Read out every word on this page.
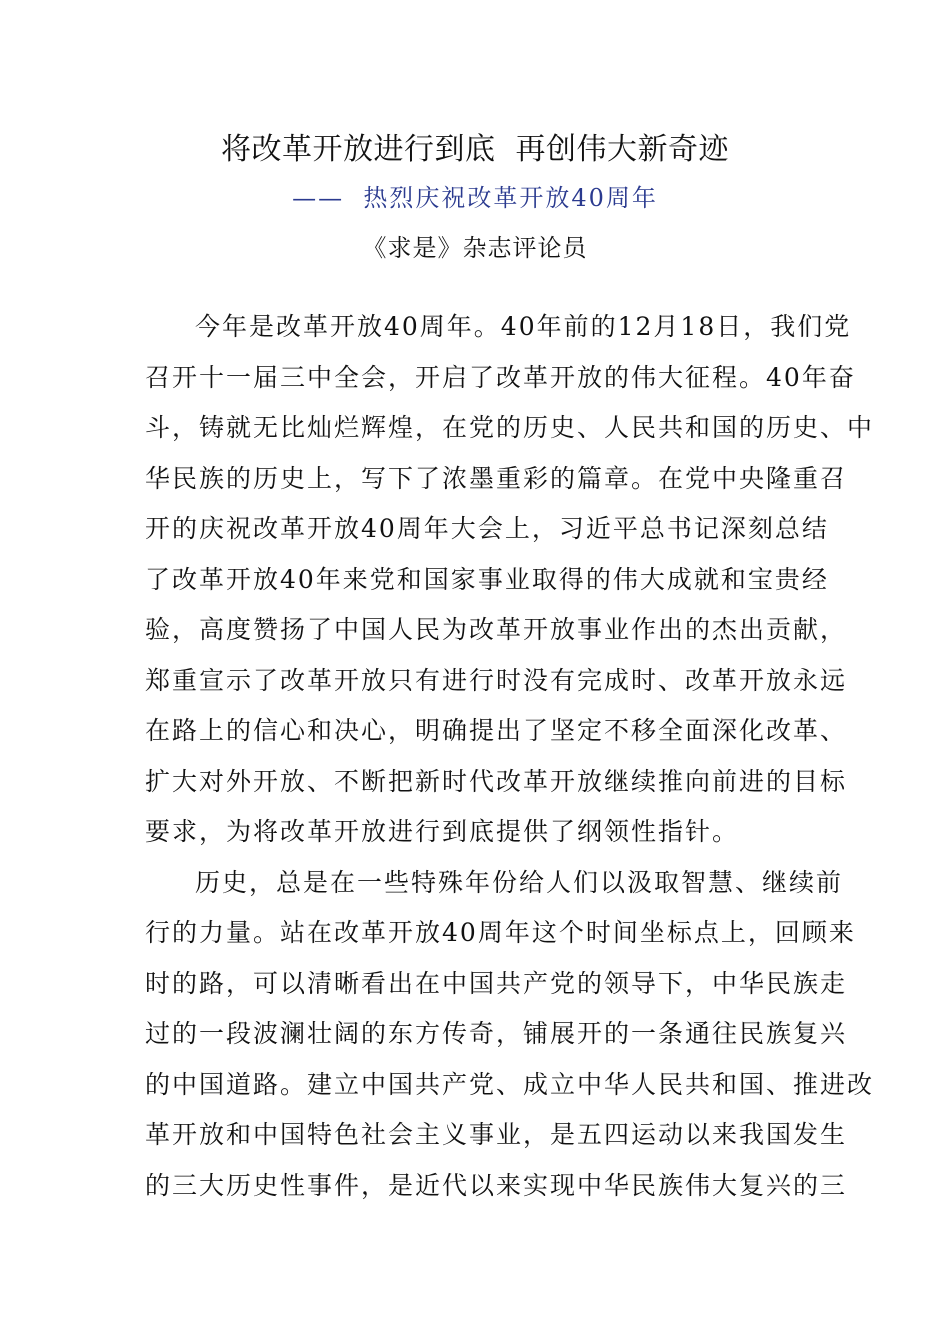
将改革开放进行到底  再创伟大新奇迹

——  热烈庆祝改革开放40周年

《求是》杂志评论员

今年是改革开放40周年。40年前的12月18日，我们党
召开十一届三中全会，开启了改革开放的伟大征程。40年奋
斗，铸就无比灿烂辉煌，在党的历史、人民共和国的历史、中
华民族的历史上，写下了浓墨重彩的篇章。在党中央隆重召
开的庆祝改革开放40周年大会上，习近平总书记深刻总结
了改革开放40年来党和国家事业取得的伟大成就和宝贵经
验，高度赞扬了中国人民为改革开放事业作出的杰出贡献，
郑重宣示了改革开放只有进行时没有完成时、改革开放永远
在路上的信心和决心，明确提出了坚定不移全面深化改革、
扩大对外开放、不断把新时代改革开放继续推向前进的目标
要求，为将改革开放进行到底提供了纲领性指针。
历史，总是在一些特殊年份给人们以汲取智慧、继续前
行的力量。站在改革开放40周年这个时间坐标点上，回顾来
时的路，可以清晰看出在中国共产党的领导下，中华民族走
过的一段波澜壮阔的东方传奇，铺展开的一条通往民族复兴
的中国道路。建立中国共产党、成立中华人民共和国、推进改
革开放和中国特色社会主义事业，是五四运动以来我国发生
的三大历史性事件，是近代以来实现中华民族伟大复兴的三
